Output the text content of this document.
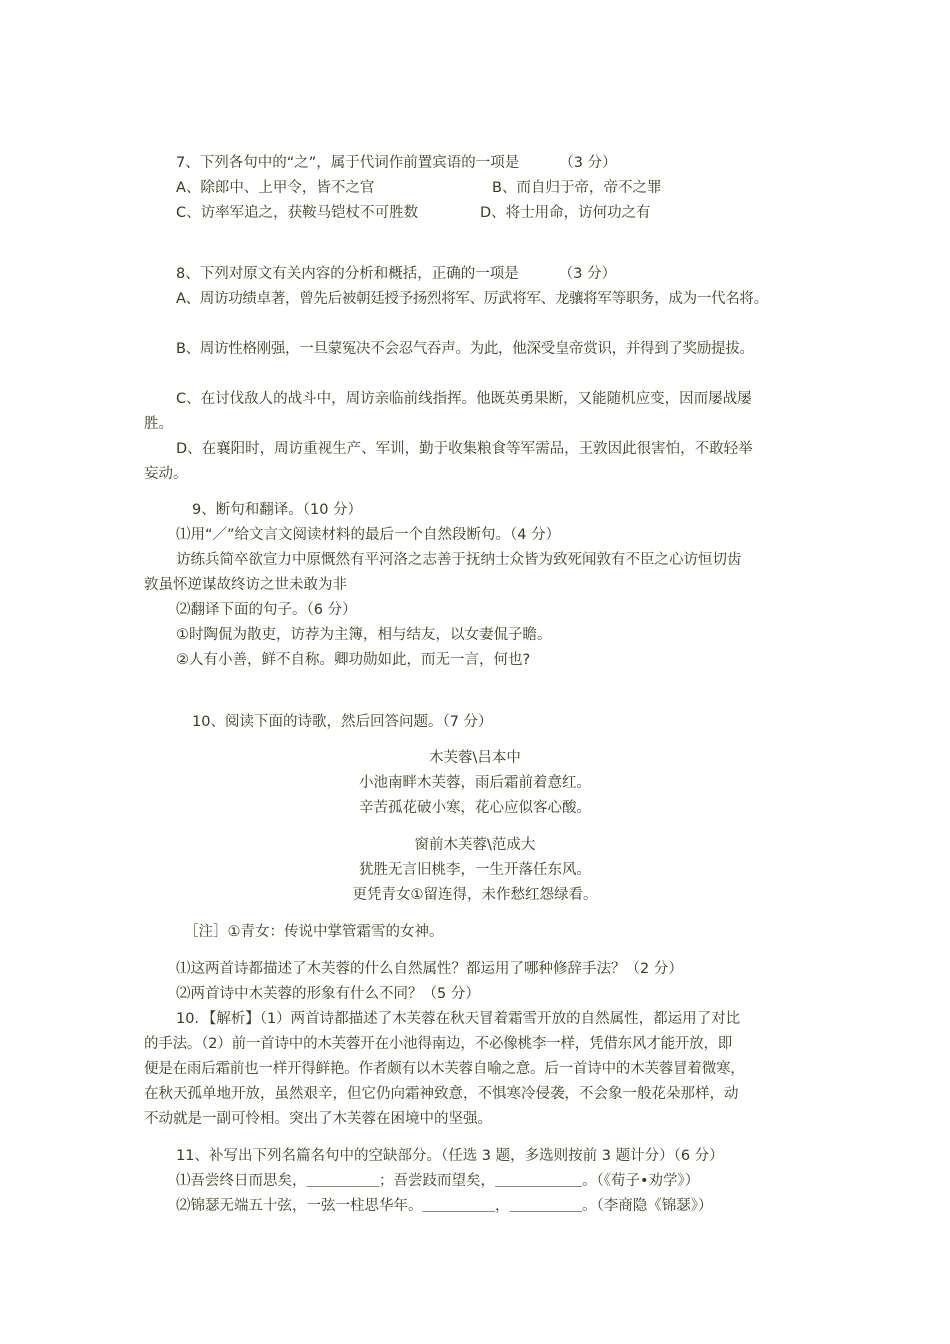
7、下列各句中的“之”，属于代词作前置宾语的一项是	（3 分）
A、除郎中、上甲令，皆不之官	B、而自归于帝，帝不之罪
C、访率军追之，获鞍马铠杖不可胜数	D、将士用命，访何功之有
8、下列对原文有关内容的分析和概括，正确的一项是	（3 分）
A、周访功绩卓著，曾先后被朝廷授予扬烈将军、厉武将军、龙骧将军等职务，成为一代名将。
B、周访性格刚强，一旦蒙冤决不会忍气吞声。为此，他深受皇帝赏识，并得到了奖励提拔。
C、在讨伐敌人的战斗中，周访亲临前线指挥。他既英勇果断，又能随机应变，因而屡战屡
胜。
D、在襄阳时，周访重视生产、军训，勤于收集粮食等军需品，王敦因此很害怕，不敢轻举
妄动。
9、断句和翻译。（10 分）
⑴用“／”给文言文阅读材料的最后一个自然段断句。（4 分）
访练兵简卒欲宣力中原慨然有平河洛之志善于抚纳士众皆为致死闻敦有不臣之心访恒切齿
敦虽怀逆谋故终访之世未敢为非
⑵翻译下面的句子。（6 分）
①时陶侃为散吏，访荐为主簿，相与结友，以女妻侃子瞻。
②人有小善，鲜不自称。卿功勋如此，而无一言，何也?
10、阅读下面的诗歌，然后回答问题。（7 分）
木芙蓉\吕本中
小池南畔木芙蓉，雨后霜前着意红。
辛苦孤花破小寒，花心应似客心酸。
窗前木芙蓉\范成大
犹胜无言旧桃李，一生开落任东风。
更凭青女①留连得，未作愁红怨绿看。
［注］①青女：传说中掌管霜雪的女神。
⑴这两首诗都描述了木芙蓉的什么自然属性？都运用了哪种修辞手法？（2 分）
⑵两首诗中木芙蓉的形象有什么不同？（5 分）
10．【解析】（1）两首诗都描述了木芙蓉在秋天冒着霜雪开放的自然属性，都运用了对比
的手法。（2）前一首诗中的木芙蓉开在小池得南边，不必像桃李一样，凭借东风才能开放，即
便是在雨后霜前也一样开得鲜艳。作者颇有以木芙蓉自喻之意。后一首诗中的木芙蓉冒着微寒，
在秋天孤单地开放，虽然艰辛，但它仍向霜神致意，不惧寒冷侵袭，不会象一般花朵那样，动
不动就是一副可怜相。突出了木芙蓉在困境中的坚强。
11、补写出下列名篇名句中的空缺部分。（任选 3 题，多选则按前 3 题计分）（6 分）
⑴吾尝终日而思矣，＿＿＿＿＿；吾尝跂而望矣，＿＿＿＿＿＿。（《荀子•劝学》）
⑵锦瑟无端五十弦，一弦一柱思华年。＿＿＿＿＿，＿＿＿＿＿。（李商隐《锦瑟》）
